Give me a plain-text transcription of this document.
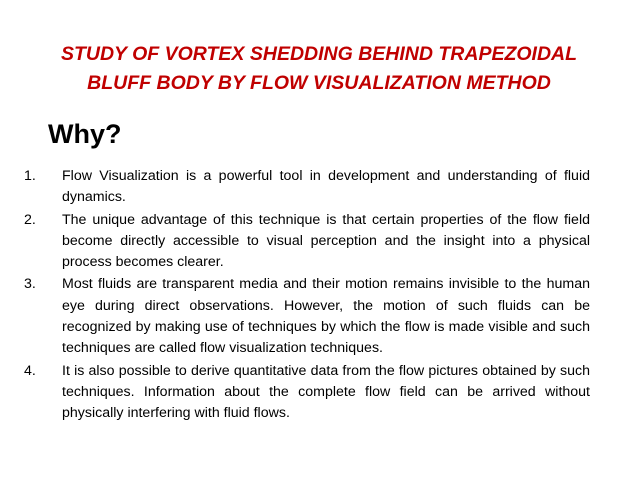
STUDY OF VORTEX SHEDDING BEHIND TRAPEZOIDAL
BLUFF BODY BY FLOW VISUALIZATION METHOD
Why?
1. Flow Visualization is a powerful tool in development and understanding of fluid dynamics.
2. The unique advantage of this technique is that certain properties of the flow field become directly accessible to visual perception and the insight into a physical process becomes clearer.
3. Most fluids are transparent media and their motion remains invisible to the human eye during direct observations. However, the motion of such fluids can be recognized by making use of techniques by which the flow is made visible and such techniques are called flow visualization techniques.
4. It is also possible to derive quantitative data from the flow pictures obtained by such techniques. Information about the complete flow field can be arrived without physically interfering with fluid flows.
